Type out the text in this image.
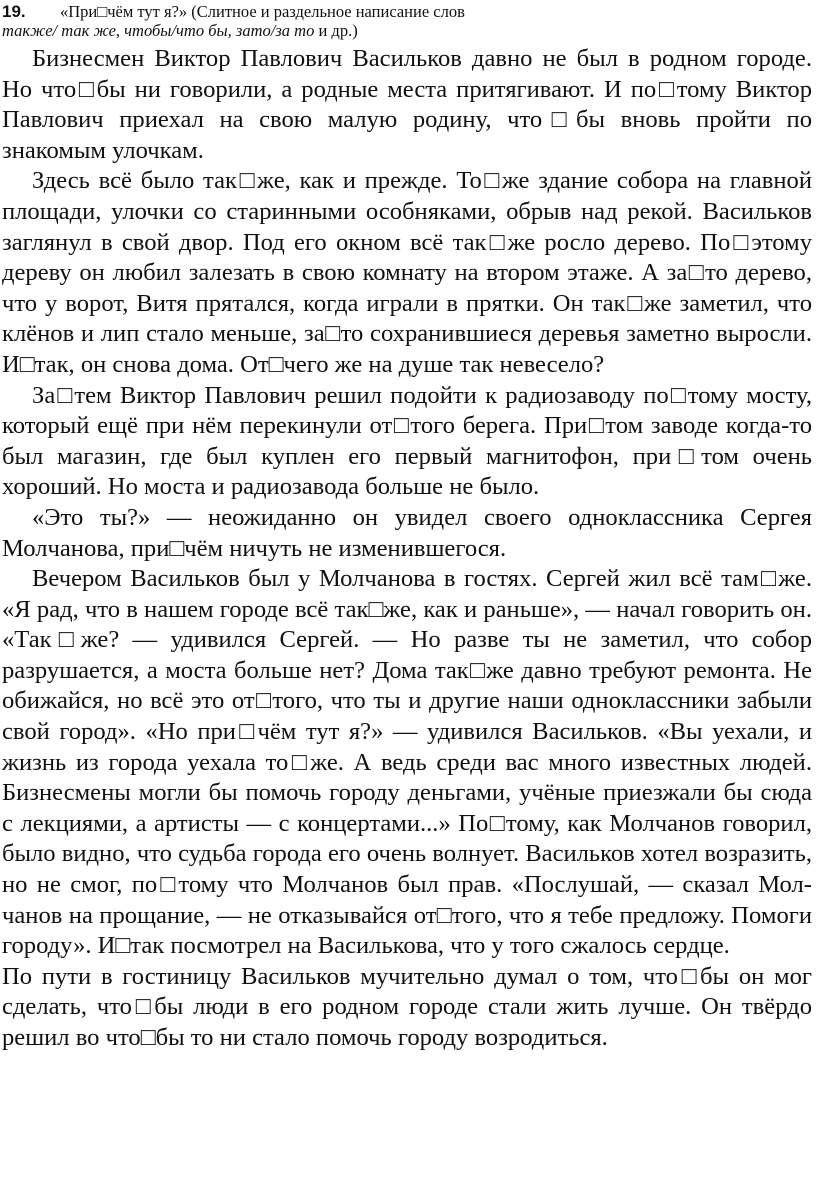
19. «При□чём тут я?» (Слитное и раздельное написание слов
также/ так же, чтобы/что бы, зато/за то и др.)

Бизнесмен Виктор Павлович Васильков давно не был в родном городе. Но что□бы ни говорили, а родные места притягивают. И по□тому Виктор Павлович приехал на свою малую родину, что□бы вновь пройти по знакомым улочкам.

Здесь всё было так□же, как и прежде. То□же здание собора на главной площади, улочки со старинными особняками, обрыв над рекой. Васильков заглянул в свой двор. Под его окном всё так□же росло дерево. По□этому дереву он любил залезать в свою комнату на втором этаже. А за□то дерево, что у ворот, Витя прятался, когда играли в прятки. Он так□же заметил, что клёнов и лип стало меньше, за□то сохранившиеся деревья заметно выросли. И□так, он снова дома. От□чего же на душе так невесело?

За□тем Виктор Павлович решил подойти к радиозаводу по□тому мосту, который ещё при нём перекинули от□того берега. При□том заводе когда-то был магазин, где был куплен его первый магнитофон, при□том очень хороший. Но моста и радиозавода больше не было.

«Это ты?» — неожиданно он увидел своего одноклассника Сергея Молчанова, при□чём ничуть не изменившегося.

Вечером Васильков был у Молчанова в гостях. Сергей жил всё там□же. «Я рад, что в нашем городе всё так□же, как и раньше», — начал говорить он. «Так□же? — удивился Сергей. — Но разве ты не заметил, что собор разрушается, а моста больше нет? Дома так□же давно требуют ремонта. Не обижайся, но всё это от□того, что ты и другие наши одноклассники забыли свой город». «Но при□чём тут я?» — удивился Васильков. «Вы уехали, и жизнь из города уехала то□же. А ведь среди вас много известных людей. Бизнесмены могли бы помочь городу деньгами, учёные приезжали бы сюда с лекциями, а артисты — с концертами...» По□тому, как Молчанов говорил, было видно, что судьба города его очень волнует. Васильков хотел возразить, но не смог, по□тому что Молчанов был прав. «Послушай, — сказал Молчанов на прощание, — не отказывайся от□того, что я тебе предложу. Помоги городу». И□так посмотрел на Василькова, что у того сжалось сердце.

По пути в гостиницу Васильков мучительно думал о том, что□бы он мог сделать, что□бы люди в его родном городе стали жить лучше. Он твёрдо решил во что□бы то ни стало помочь городу возродиться.
